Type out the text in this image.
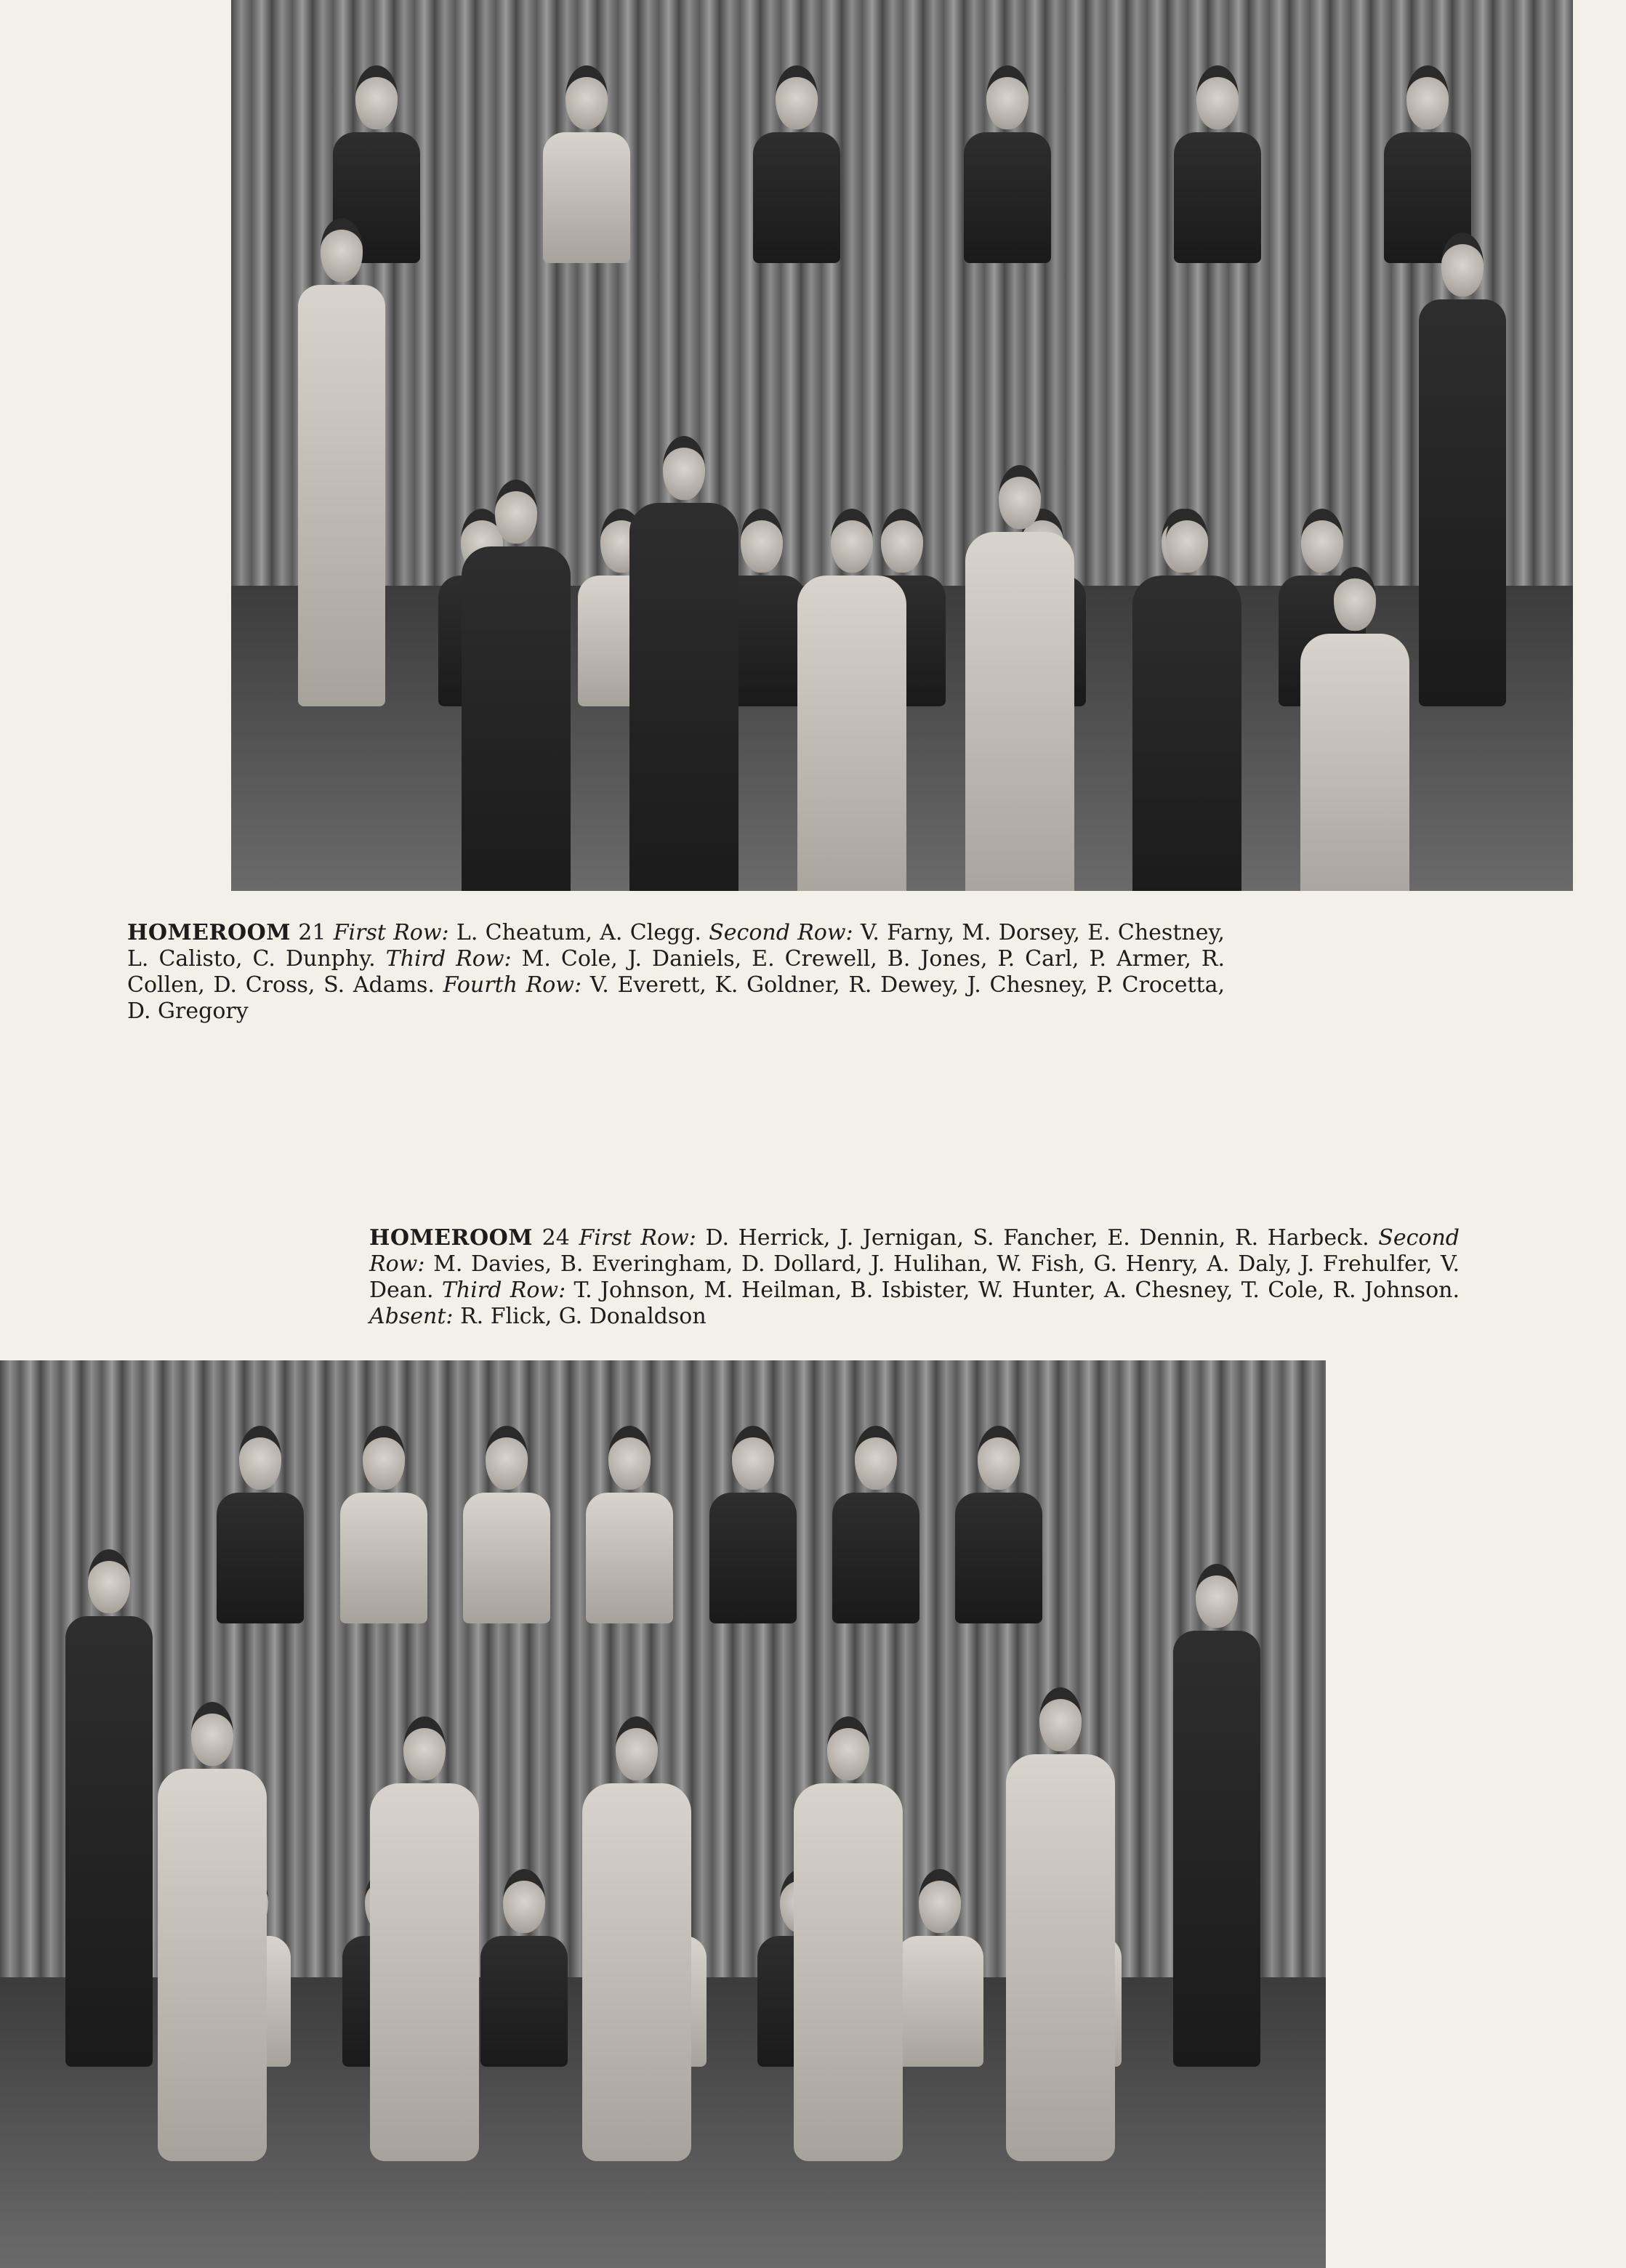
HOMEROOM 21 First Row: L. Cheatum, A. Clegg. Second Row: V. Farny, M. Dorsey, E. Chestney, L. Calisto, C. Dunphy. Third Row: M. Cole, J. Daniels, E. Crewell, B. Jones, P. Carl, P. Armer, R. Collen, D. Cross, S. Adams. Fourth Row: V. Everett, K. Goldner, R. Dewey, J. Chesney, P. Crocetta, D. Gregory
HOMEROOM 24 First Row: D. Herrick, J. Jernigan, S. Fancher, E. Dennin, R. Harbeck. Second Row: M. Davies, B. Everingham, D. Dollard, J. Hulihan, W. Fish, G. Henry, A. Daly, J. Frehulfer, V. Dean. Third Row: T. Johnson, M. Heilman, B. Isbister, W. Hunter, A. Chesney, T. Cole, R. Johnson. Absent: R. Flick, G. Donaldson
